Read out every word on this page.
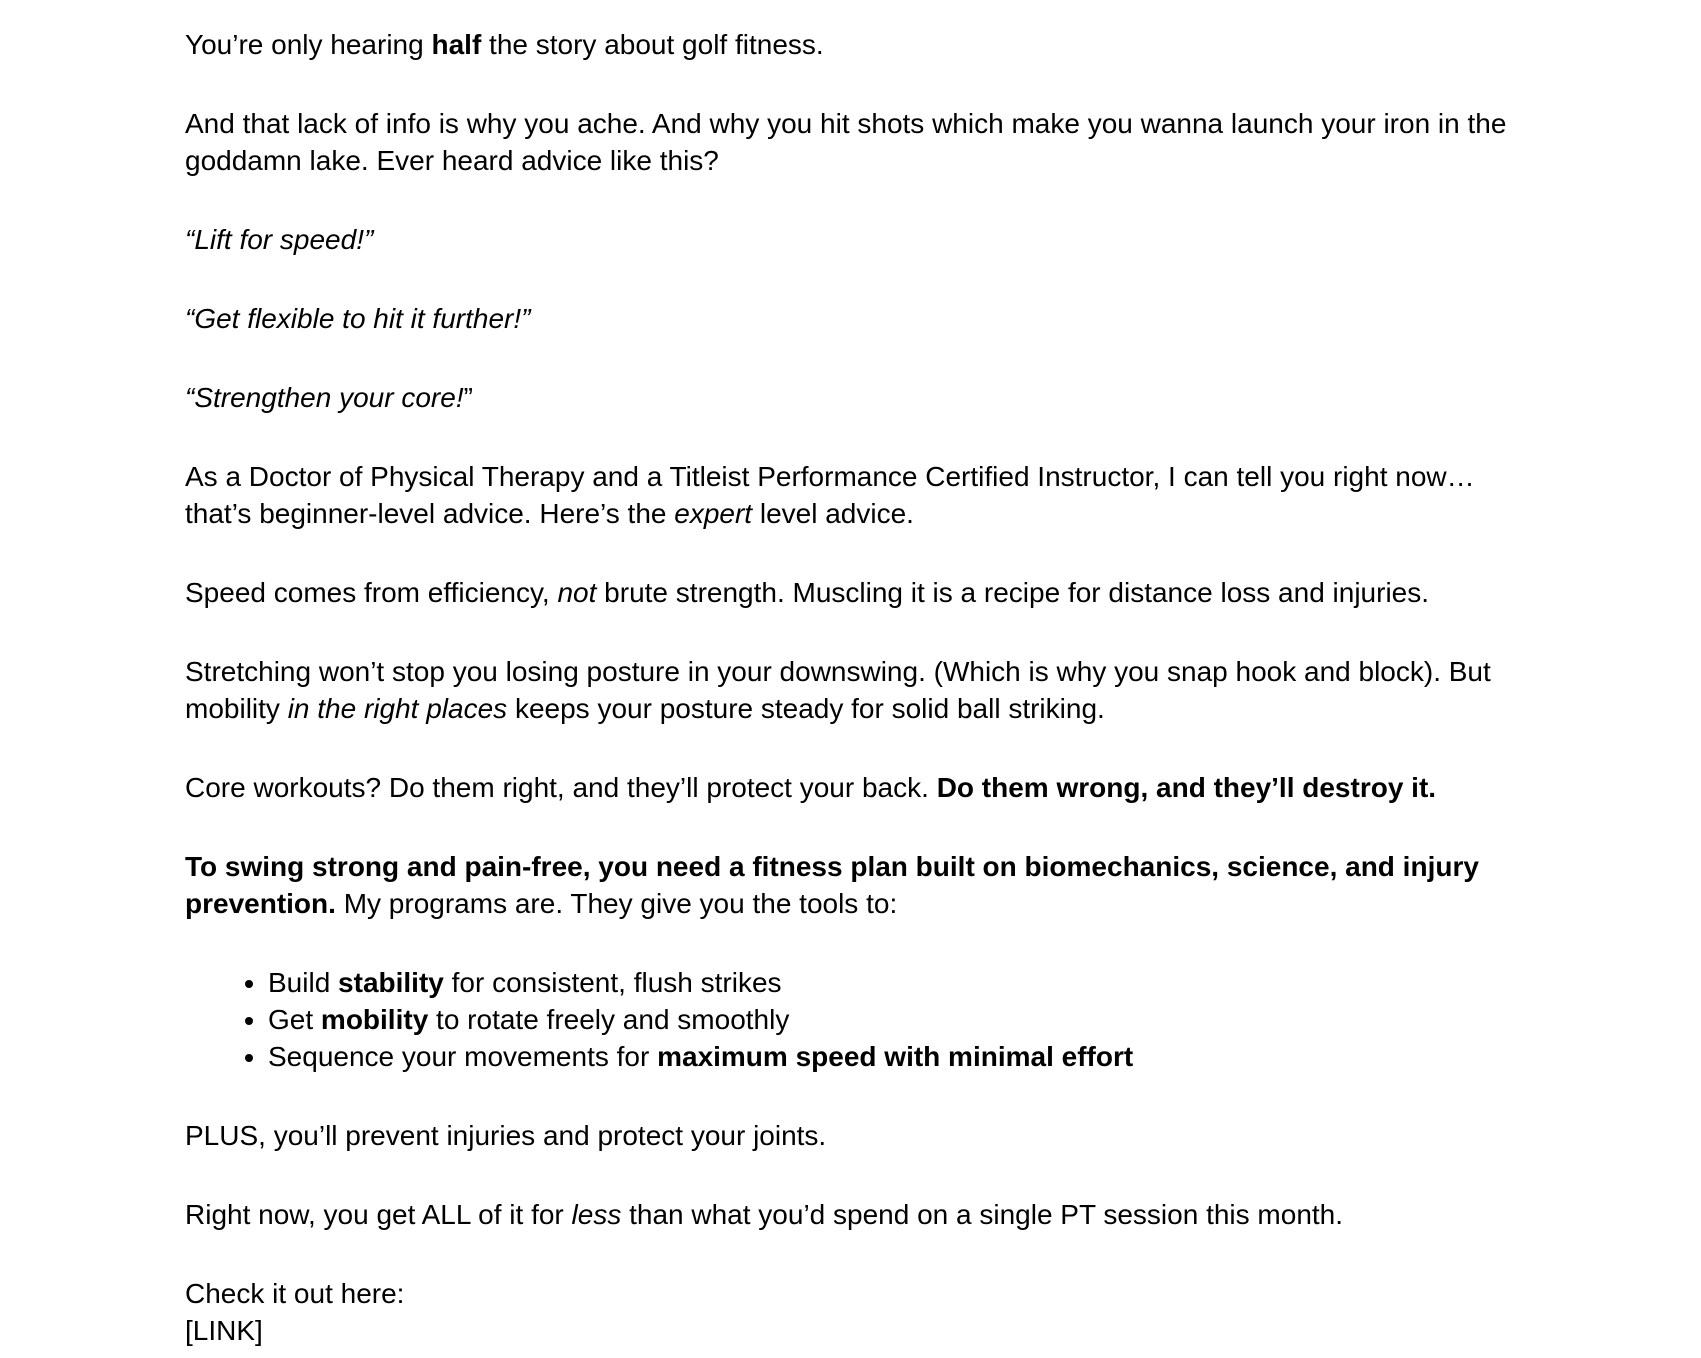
You’re only hearing half the story about golf fitness.

And that lack of info is why you ache. And why you hit shots which make you wanna launch your iron in the goddamn lake. Ever heard advice like this?

“Lift for speed!”

“Get flexible to hit it further!”

“Strengthen your core!”

As a Doctor of Physical Therapy and a Titleist Performance Certified Instructor, I can tell you right now… that’s beginner-level advice. Here’s the expert level advice.

Speed comes from efficiency, not brute strength. Muscling it is a recipe for distance loss and injuries.

Stretching won’t stop you losing posture in your downswing. (Which is why you snap hook and block). But mobility in the right places keeps your posture steady for solid ball striking.

Core workouts? Do them right, and they’ll protect your back. Do them wrong, and they’ll destroy it.

To swing strong and pain-free, you need a fitness plan built on biomechanics, science, and injury prevention. My programs are. They give you the tools to:

• Build stability for consistent, flush strikes
• Get mobility to rotate freely and smoothly
• Sequence your movements for maximum speed with minimal effort

PLUS, you’ll prevent injuries and protect your joints.

Right now, you get ALL of it for less than what you’d spend on a single PT session this month.

Check it out here:

[LINK]
